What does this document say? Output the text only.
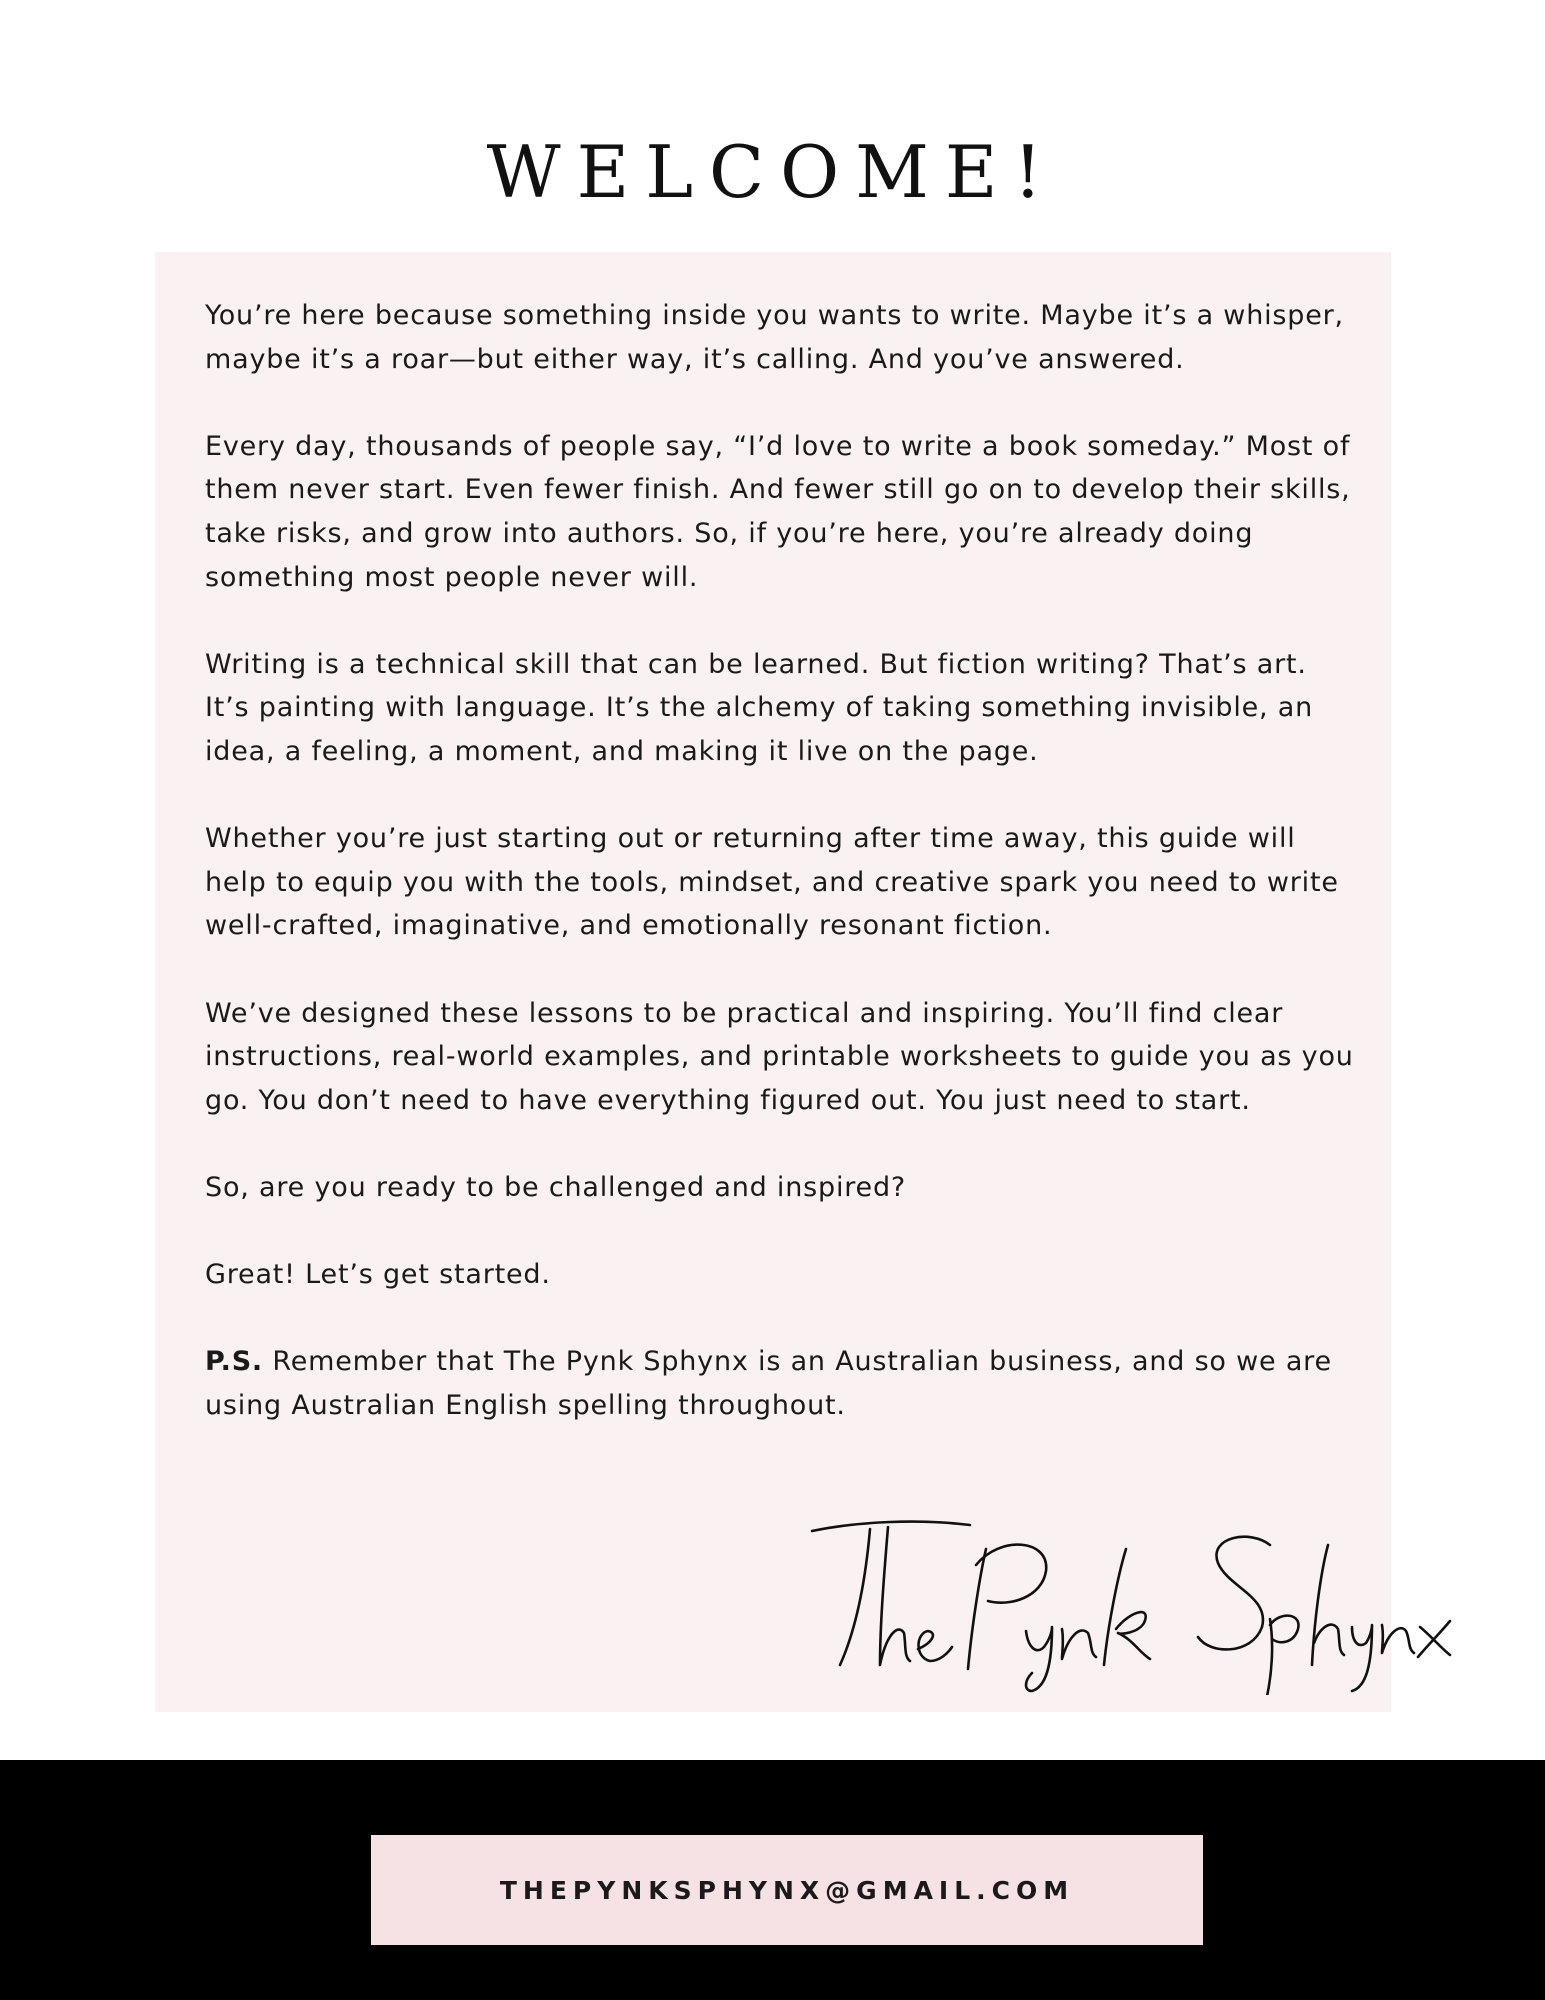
WELCOME!

You’re here because something inside you wants to write. Maybe it’s a whisper, maybe it’s a roar—but either way, it’s calling. And you’ve answered.

Every day, thousands of people say, “I’d love to write a book someday.” Most of them never start. Even fewer finish. And fewer still go on to develop their skills, take risks, and grow into authors. So, if you’re here, you’re already doing something most people never will.

Writing is a technical skill that can be learned. But fiction writing? That’s art. It’s painting with language. It’s the alchemy of taking something invisible, an idea, a feeling, a moment, and making it live on the page.

Whether you’re just starting out or returning after time away, this guide will help to equip you with the tools, mindset, and creative spark you need to write well-crafted, imaginative, and emotionally resonant fiction.

We’ve designed these lessons to be practical and inspiring. You’ll find clear instructions, real-world examples, and printable worksheets to guide you as you go. You don’t need to have everything figured out. You just need to start.

So, are you ready to be challenged and inspired?

Great! Let’s get started.

P.S. Remember that The Pynk Sphynx is an Australian business, and so we are using Australian English spelling throughout.

THEPYNKSPHYNX@GMAIL.COM
